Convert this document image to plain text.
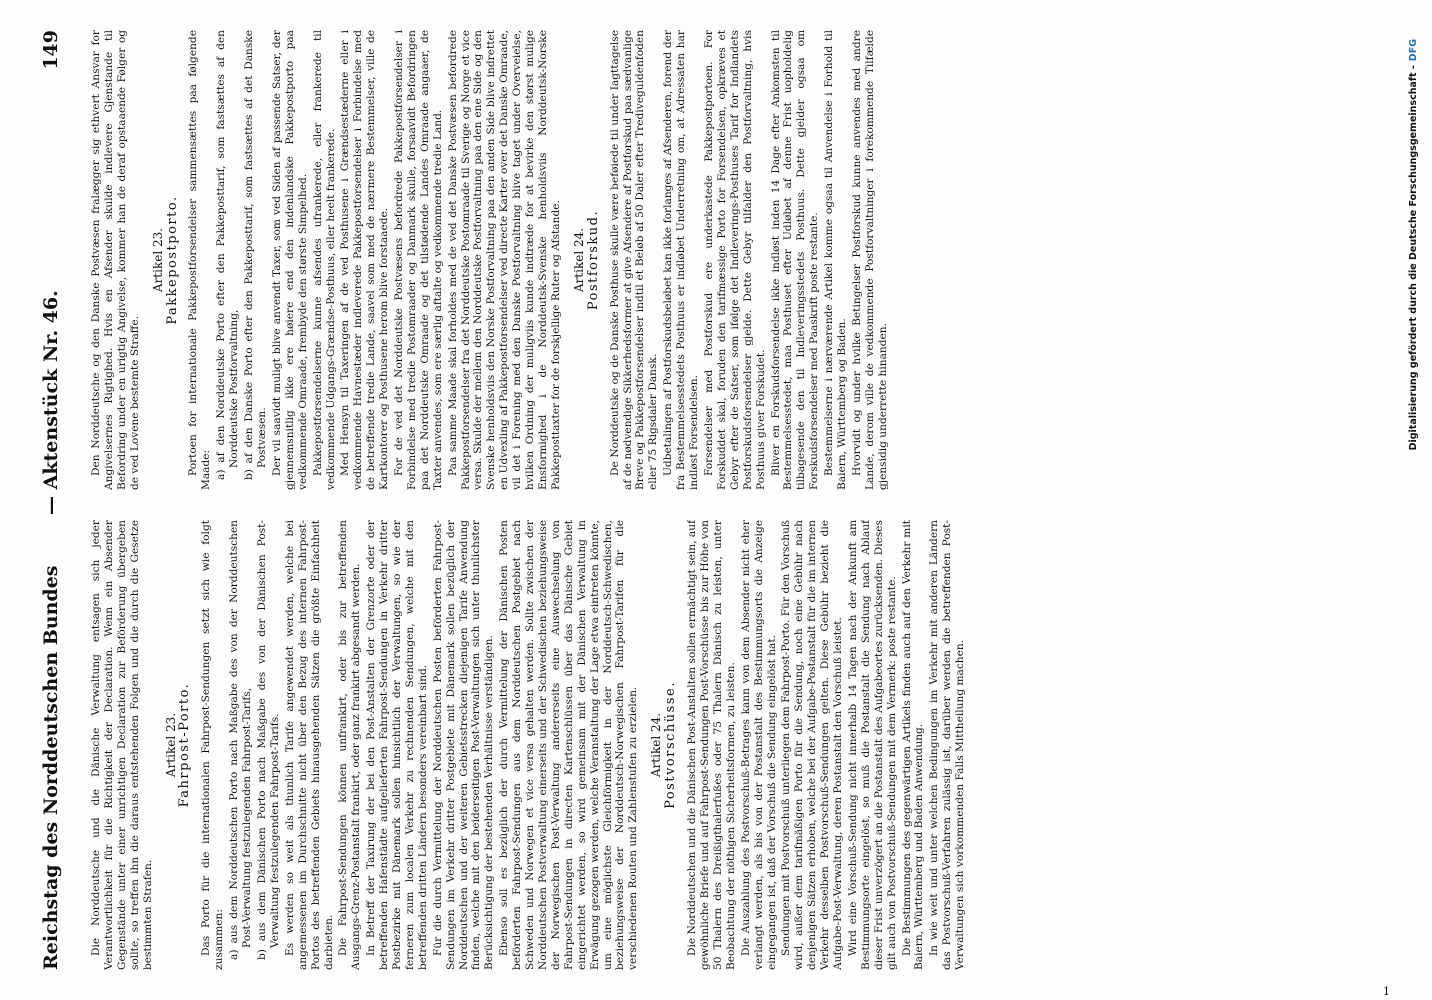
Reichstag des Norddeutschen Bundes
— Aktenstück Nr. 46.
149

Die Norddeutsche und die Dänische Verwaltung entsagen sich jeder Verantwortlichkeit für die Richtigkeit der Declaration. Wenn ein Absender Gegenstände unter einer unrichtigen Declaration zur Beförderung übergeben sollte, so treffen ihn die daraus entstehenden Folgen und die durch die Gesetze bestimmten Strafen.

Artikel 23. Fahrpost-Porto. Das Porto für die internationalen Fahrpost-Sendungen setzt sich wie folgt zusammen: a) aus dem Norddeutschen Porto nach Maßgabe des von der Norddeutschen Post-Verwaltung festzulegenden Fahrpost-Tarifs, b) aus dem Dänischen Porto nach Maßgabe des von der Dänischen Post-Verwaltung festzulegenden Fahrpost-Tarifs. Es werden so weit als thunlich Tarife angewendet werden, welche bei angemessenen im Durchschnitte nicht über den Bezug des internen Fahrpost-Portos des betreffenden Gebiets hinausgehenden Sätzen die größte Einfachheit darbieten. Die Fahrpost-Sendungen können unfrankirt, oder bis zur betreffenden Ausgangs-Grenz-Postanstalt frankirt, oder ganz frankirt abgesandt werden. In Betreff der Taxirung der bei den Post-Anstalten der Grenzorte oder der betreffenden Hafenstädte aufgelieferten Fahrpost-Sendungen in Verkehr dritter Postbezirke mit Dänemark sollen hinsichtlich der Verwaltungen, so wie der ferneren zum localen Verkehr zu rechnenden Sendungen, welche mit den betreffenden dritten Ländern besonders vereinbart sind. Für die durch Vermittelung der Norddeutschen Posten beförderten Fahrpost-Sendungen im Verkehr dritter Postgebiete mit Dänemark sollen bezüglich der Norddeutschen und der weiteren Gebietsstrecken diejenigen Tarife Anwendung finden, welche mit den beiderseitigen Post-Verwaltungen sich unter thunlichster Berücksichtigung der bestehenden Verhältnisse verständigen. Ebenso soll es bezüglich der durch Vermittelung der Dänischen Posten beförderten Fahrpost-Sendungen aus dem Norddeutschen Postgebiet nach Schweden und Norwegen et vice versa gehalten werden. Sollte zwischen der Norddeutschen Postverwaltung einerseits und der Schwedischen beziehungsweise der Norwegischen Post-Verwaltung andererseits eine Auswechselung von Fahrpost-Sendungen in directen Kartenschlüssen über das Dänische Gebiet eingerichtet werden, so wird gemeinsam mit der Dänischen Verwaltung in Erwägung gezogen werden, welche Veranstaltung der Lage etwa eintreten könnte, um eine möglichste Gleichförmigkeit in der Norddeutsch-Schwedischen, beziehungsweise der Norddeutsch-Norwegischen Fahrpost-Tarifen für die verschiedenen Routen und Zahlenstufen zu erzielen. Artikel 24. Postvorschüsse. Die Norddeutschen und die Dänischen Post-Anstalten sollen ermächtigt sein, auf gewöhnliche Briefe und auf Fahrpost-Sendungen Post-Vorschüsse bis zur Höhe von 50 Thalern des Dreißigthalerfußes oder 75 Thalern Dänisch zu leisten, unter Beobachtung der nöthigen Sicherheitsformen, zu leisten. Die Auszahlung des Postvorschuß-Betrages kann von dem Absender nicht eher verlangt werden, als bis von der Postanstalt des Bestimmungsorts die Anzeige eingegangen ist, daß der Vorschuß die Sendung eingelöst hat. Sendungen mit Postvorschuß unterliegen dem Fahrpost-Porto. Für den Vorschuß wird, außer dem tarifmäßigen Porto für die Sendung, noch eine Gebühr nach denjenigen Sätzen erhoben, welche bei der Aufgabe-Postanstalt für die im internen Verkehr desselben Postvorschuß-Sendungen gelten. Diese Gebühr bezieht die Aufgabe-Post-Verwaltung, deren Postanstalt den Vorschuß leistet. Wird eine Vorschuß-Sendung nicht innerhalb 14 Tagen nach der Ankunft am Bestimmungsorte eingelöst, so muß die Postanstalt die Sendung nach Ablauf dieser Frist unverzögert an die Postanstalt des Aufgabeortes zurücksenden. Dieses gilt auch von Postvorschuß-Sendungen mit dem Vermerk: poste restante. Die Bestimmungen des gegenwärtigen Artikels finden auch auf den Verkehr mit Baiern, Württemberg und Baden Anwendung. In wie weit und unter welchen Bedingungen im Verkehr mit anderen Ländern das Postvorschuß-Verfahren zulässig ist, darüber werden die betreffenden Post-Verwaltungen sich vorkommenden Falls Mittheilung machen.

Den Norddeutsche og den Danske Postvæsen fralægger sig ethvert Ansvar for Angivelsernes Rigtighed. Hvis en Afsender skulde indlevere Gjenstande til Befordring under en urigtig Angivelse, kommer han de deraf opstaaende Følger og de ved Lovene bestemte Straffe.

Artikel 23. Pakkepostporto. Portoen for internationale Pakkepostforsendelser sammensættes paa følgende Maade: a) af den Norddeutske Porto efter den Pakkeposttarif, som fastsættes af den Norddeutske Postforvaltning, b) af den Danske Porto efter den Pakkeposttarif, som fastsættes af det Danske Postvæsen. Der vil saavidt muligt blive anvendt Taxer, som ved Siden af passende Satser, der gjennemsnitlig ikke ere høiere end den indenlandske Pakkepostporto paa vedkommende Omraade, frembyde den største Simpelhed. Pakkepostforsendelserne kunne afsendes ufrankerede, eller frankerede til vedkommende Udgangs-Grændse-Posthuus, eller heelt frankerede. Med Hensyn til Taxeringen af de ved Posthusene i Grændsestæderne eller i vedkommende Havnestæder indleverede Pakkepostforsendelser i Forbindelse med de betreffende tredie Lande, saavel som med de nærmere Bestemmelser, ville de Kartkontorer og Posthusene herom blive forstaaede. For de ved det Norddeutske Postvæsens befordrede Pakkepostforsendelser i Forbindelse med tredie Postomraader og Danmark skulle, forsaavidt Befordringen paa det Norddeutske Omraade og det tilstødende Landes Omraade angaaer, de Taxter anvendes, som ere særlig aftalte og vedkommende tredie Land. Paa samme Maade skal forholdes med de ved det Danske Postvæsen befordrede Pakkepostforsendelser fra det Norddeutske Postomraade til Sverige og Norge et vice versa. Skulde der mellem den Norddeutske Postforvaltning paa den ene Side og den Svenske henholdsviis den Norske Postforvaltning paa den anden Side blive indrettet en Udvexling af Pakkepostforsendelser ved directe Karter over det Danske Omraade, vil det i Forening med den Danske Postforvaltning blive taget under Overveielse, hvilken Ordning der muligviis kunde indtræde for at bevirke den størst mulige Ensformighed i de Norddeutsk-Svenske henholdsviis Norddeutsk-Norske Pakkeposttaxter for de forskjellige Ruter og Afstande. Artikel 24. Postforskud. De Norddeutske og de Danske Posthuse skulle være beføiede til under Iagttagelse af de nødvendige Sikkerhedsformer at give Afsendere af Postforskud paa sædvanlige Breve og Pakkepostforsendelser indtil et Beløb af 50 Daler efter Trediveguldenfoden eller 75 Rigsdaler Dansk. Udbetalingen af Postforskudsbeløbet kan ikke forlanges af Afsenderen, forend der fra Bestemmelsesstedets Posthuus er indløbet Underretning om, at Adressaten har indløst Forsendelsen. Forsendelser med Postforskud ere underkastede Pakkepostportoen. For Forskuddet skal, foruden den tarifmæssige Porto for Forsendelsen, opkræves et Gebyr efter de Satser, som ifølge det Indleverings-Posthuses Tarif for Indlandets Postforskudsforsendelser gjelde. Dette Gebyr tilfalder den Postforvaltning, hvis Posthuus giver Forskudet. Bliver en Forskudsforsendelse ikke indløst inden 14 Dage efter Ankomsten til Bestemmelsesstedet, maa Posthuset efter Udløbet af denne Frist uopholdelig tilbagesende den til Indleveringsstedets Posthuus. Dette gjelder ogsaa om Forskudsforsendelser med Paaskrift poste restante. Bestemmelserne i nærværende Artikel komme ogsaa til Anvendelse i Forhold til Baiern, Württemberg og Baden. Hvorvidt og under hvilke Betingelser Postforskud kunne anvendes med andre Lande, derom ville de vedkommende Postforvaltninger i forekommende Tilfælde gjensidig underrette hinanden.	Digitalisierung gefördert durch die Deutsche Forschungsgemeinschaft -DFG
1
